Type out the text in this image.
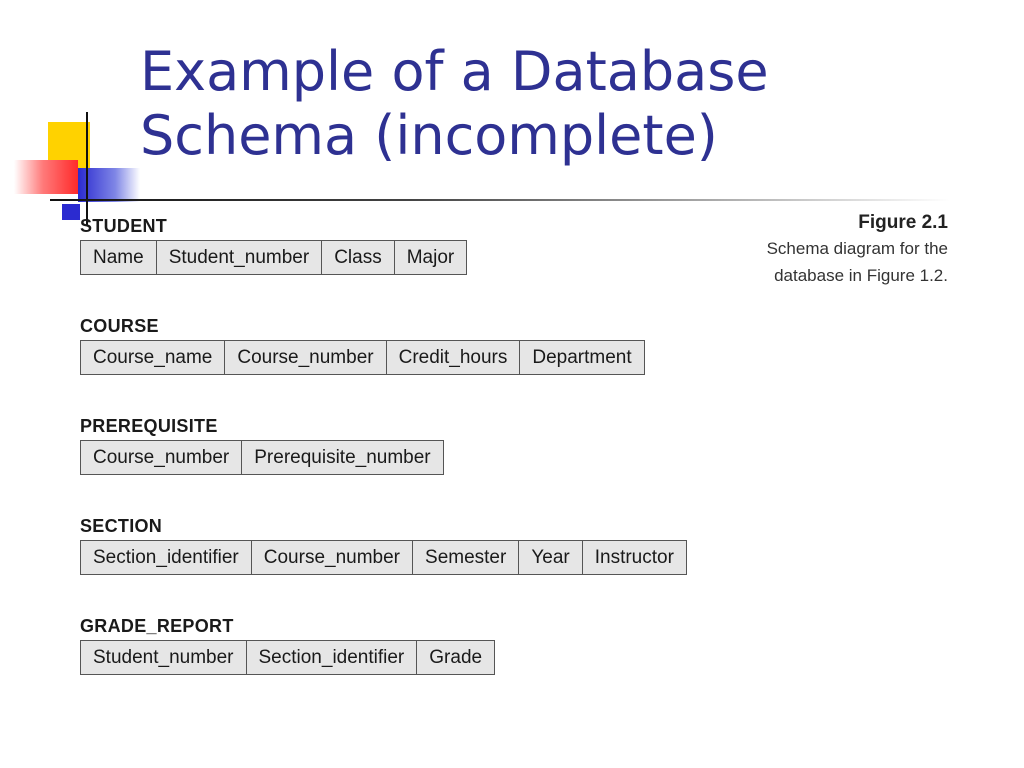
Example of a Database
Schema (incomplete)
Figure 2.1
Schema diagram for the
database in Figure 1.2.
STUDENT
Name	Student_number	Class	Major
COURSE
Course_name	Course_number	Credit_hours	Department
PREREQUISITE
Course_number	Prerequisite_number
SECTION
Section_identifier	Course_number	Semester	Year	Instructor
GRADE_REPORT
Student_number	Section_identifier	Grade
